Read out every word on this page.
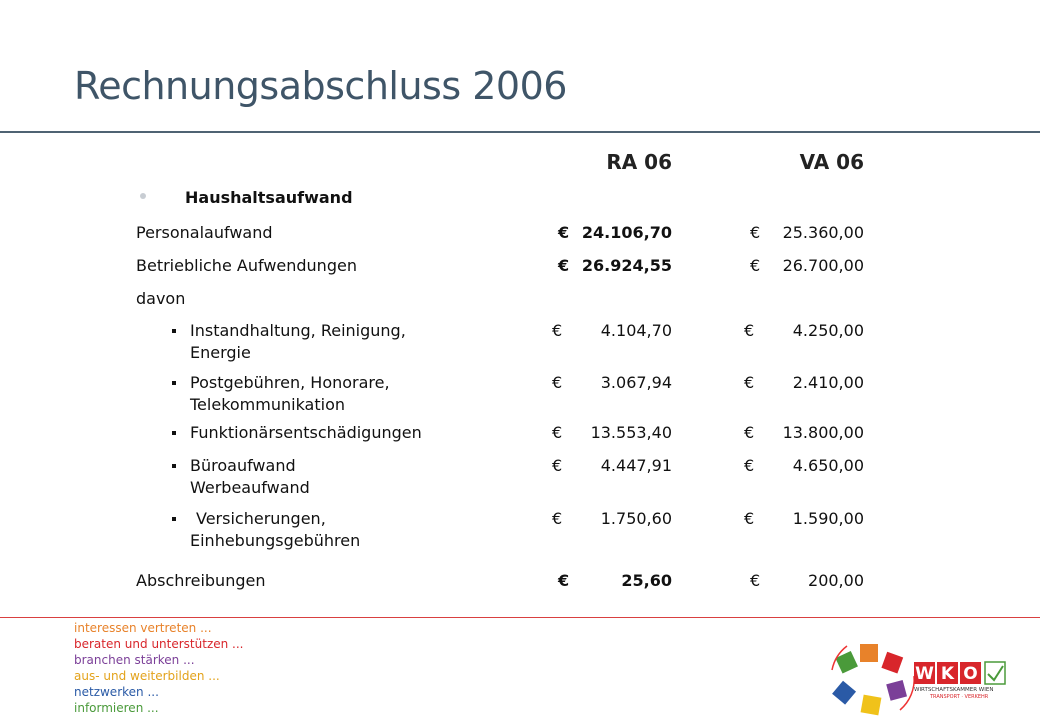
Rechnungsabschluss 2006
RA 06	VA 06
Haushaltsaufwand
Personalaufwand	€ 24.106,70	€	25.360,00
Betriebliche Aufwendungen	€ 26.924,55	€	26.700,00
davon
Instandhaltung, Reinigung,
Energie
€	4.104,70	€	4.250,00
Postgebühren, Honorare,
Telekommunikation
€	3.067,94	€	2.410,00
Funktionärsentschädigungen	€	13.553,40	€	13.800,00
Büroaufwand
Werbeaufwand
€	4.447,91	€	4.650,00
Versicherungen,
Einhebungsgebühren
€	1.750,60	€	1.590,00
Abschreibungen	€	25,60	€	200,00
interessen vertreten ...
beraten und unterstützen ...
branchen stärken ...
aus- und weiterbilden ...
netzwerken ...
informieren ...
W K O
WIRTSCHAFTSKAMMER WIEN
TRANSPORT · VERKEHR
